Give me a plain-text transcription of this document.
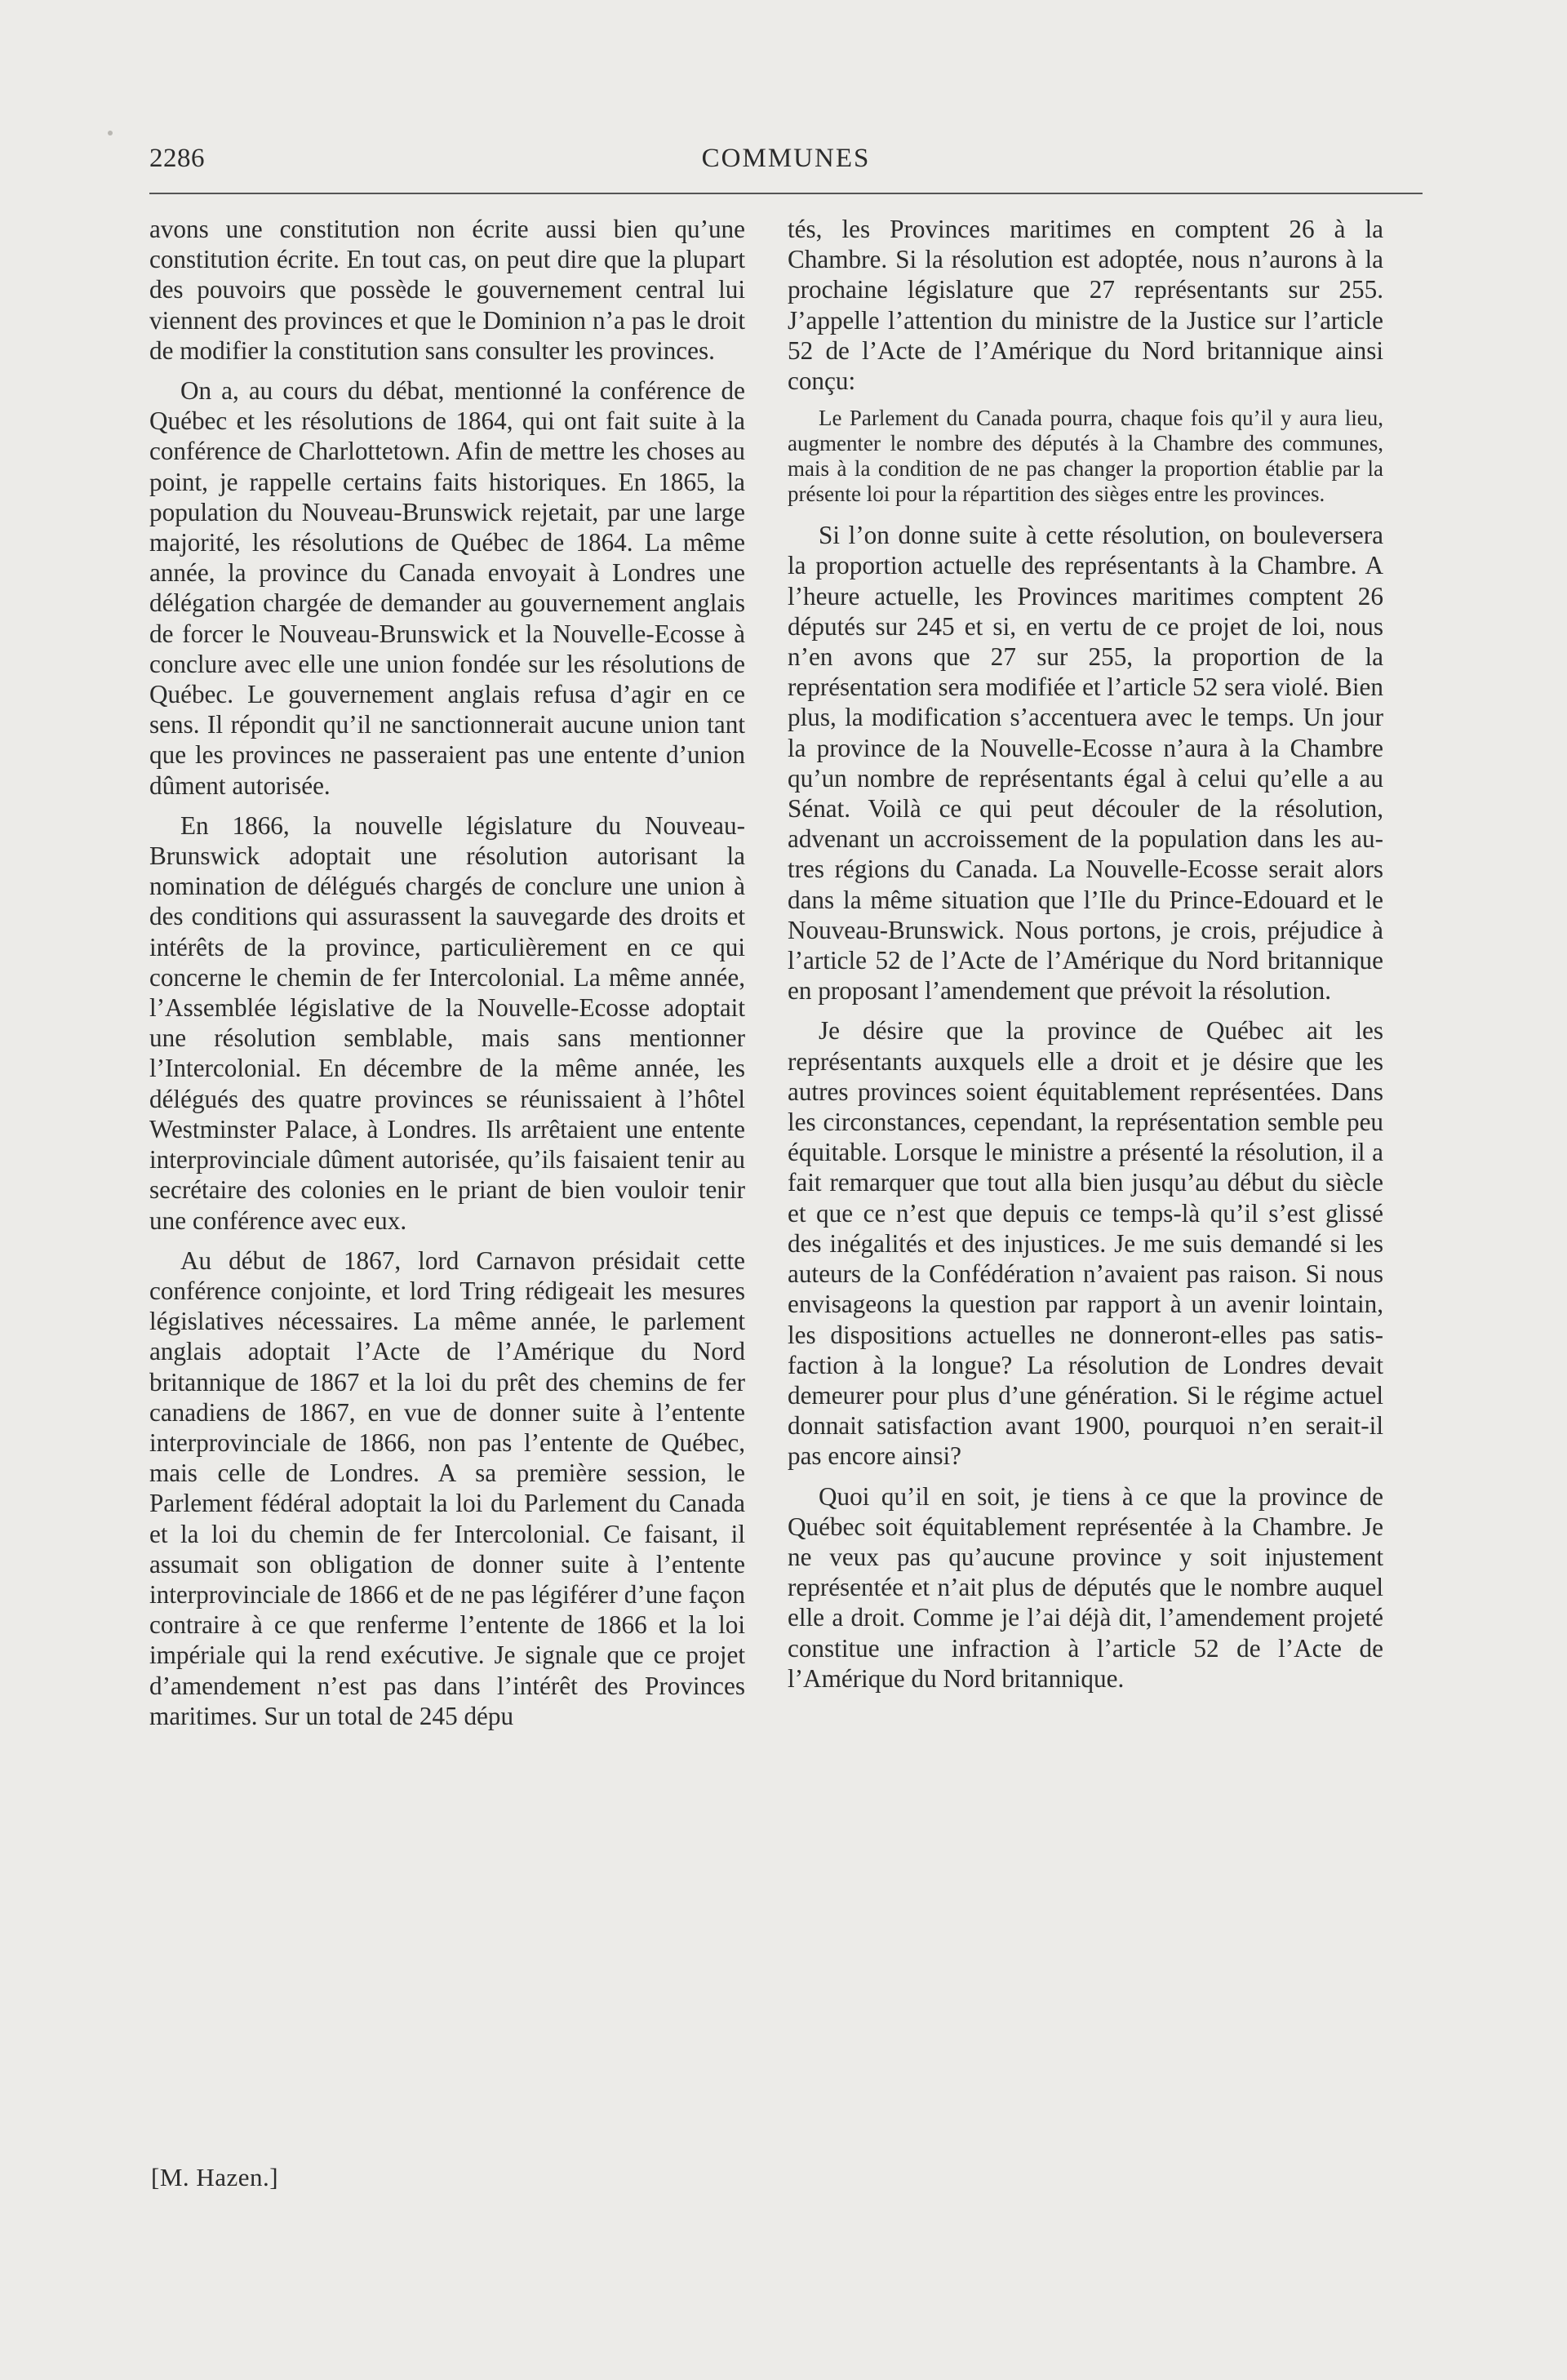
COMMUNES
2286

avons une constitution non écrite aussi bien qu’une constitution écrite. En tout cas, on peut dire que la plupart des pouvoirs que possède le gouvernement central lui viennent des provinces et que le Dominion n’a pas le droit de modifier la constitution sans consulter les provinces.

On a, au cours du débat, mentionné la conférence de Québec et les résolutions de 1864, qui ont fait suite à la conférence de Charlottetown. Afin de mettre les choses au point, je rappelle certains faits historiques. En 1865, la population du Nouveau-Brunswick rejetait, par une large majorité, les résolutions de Québec de 1864. La même année, la province du Canada envoyait à Londres une délégation chargée de demander au gouvernement anglais de forcer le Nouveau-Brunswick et la Nouvelle-Ecosse à conclure avec elle une union fondée sur les résolutions de Québec. Le gouvernement anglais refusa d’agir en ce sens. Il répondit qu’il ne sanctionnerait aucune union tant que les provinces ne passeraient pas une entente d’union dûment autorisée.

En 1866, la nouvelle législature du Nouveau-Brunswick adoptait une résolution autorisant la nomination de délégués chargés de conclure une union à des conditions qui assurassent la sauvegarde des droits et intérêts de la province, particulièrement en ce qui concerne le chemin de fer Intercolonial. La même année, l’Assemblée législative de la Nouvelle-Ecosse adoptait une résolution semblable, mais sans mentionner l’Intercolonial. En décembre de la même année, les délégués des quatre provinces se réunissaient à l’hôtel Westminster Palace, à Londres. Ils arrêtaient une entente interprovinciale dûment autorisée, qu’ils faisaient tenir au secrétaire des colonies en le priant de bien vouloir tenir une conférence avec eux.

Au début de 1867, lord Carnavon présidait cette conférence conjointe, et lord Tring rédigeait les mesures législatives nécessaires. La même année, le parlement anglais adoptait l’Acte de l’Amérique du Nord britannique de 1867 et la loi du prêt des chemins de fer canadiens de 1867, en vue de donner suite à l’entente interprovinciale de 1866, non pas l’entente de Québec, mais celle de Londres. A sa première session, le Parlement fédéral adoptait la loi du Parlement du Canada et la loi du chemin de fer Intercolonial. Ce faisant, il assumait son obligation de donner suite à l’entente interprovinciale de 1866 et de ne pas légiférer d’une façon contraire à ce que renferme l’entente de 1866 et la loi impériale qui la rend exécutive. Je signale que ce projet d’amendement n’est pas dans l’intérêt des Provinces maritimes. Sur un total de 245 dépu

[M. Hazen.]

tés, les Provinces maritimes en comptent 26 à la Chambre. Si la résolution est adoptée, nous n’aurons à la prochaine législature que 27 représentants sur 255. J’appelle l’attention du ministre de la Justice sur l’article 52 de l’Acte de l’Amérique du Nord britannique ainsi conçu:

Le Parlement du Canada pourra, chaque fois qu’il y aura lieu, augmenter le nombre des députés à la Chambre des communes, mais à la condition de ne pas changer la proportion établie par la présente loi pour la répartition des sièges entre les provinces.

Si l’on donne suite à cette résolution, on bouleversera la proportion actuelle des représentants à la Chambre. A l’heure actuelle, les Provinces maritimes comptent 26 députés sur 245 et si, en vertu de ce projet de loi, nous n’en avons que 27 sur 255, la proportion de la représentation sera modifiée et l’article 52 sera violé. Bien plus, la modification s’accentuera avec le temps. Un jour la province de la Nouvelle-Ecosse n’aura à la Chambre qu’un nombre de représentants égal à celui qu’elle a au Sénat. Voilà ce qui peut découler de la résolution, advenant un accroissement de la population dans les autres régions du Canada. La Nouvelle-Ecosse serait alors dans la même situation que l’Ile du Prince-Edouard et le Nouveau-Brunswick. Nous portons, je crois, préjudice à l’article 52 de l’Acte de l’Amérique du Nord britannique en proposant l’amendement que prévoit la résolution.

Je désire que la province de Québec ait les représentants auxquels elle a droit et je désire que les autres provinces soient équitablement représentées. Dans les circonstances, cependant, la représentation semble peu équitable. Lorsque le ministre a présenté la résolution, il a fait remarquer que tout alla bien jusqu’au début du siècle et que ce n’est que depuis ce temps-là qu’il s’est glissé des inégalités et des injustices. Je me suis demandé si les auteurs de la Confédération n’avaient pas raison. Si nous envisageons la question par rapport à un avenir lointain, les dispositions actuelles ne donneront-elles pas satisfaction à la longue? La résolution de Londres devait demeurer pour plus d’une génération. Si le régime actuel donnait satisfaction avant 1900, pourquoi n’en serait-il pas encore ainsi?

Quoi qu’il en soit, je tiens à ce que la province de Québec soit équitablement représentée à la Chambre. Je ne veux pas qu’aucune province y soit injustement représentée et n’ait plus de députés que le nombre auquel elle a droit. Comme je l’ai déjà dit, l’amendement projeté constitue une infraction à l’article 52 de l’Acte de l’Amérique du Nord britannique.
